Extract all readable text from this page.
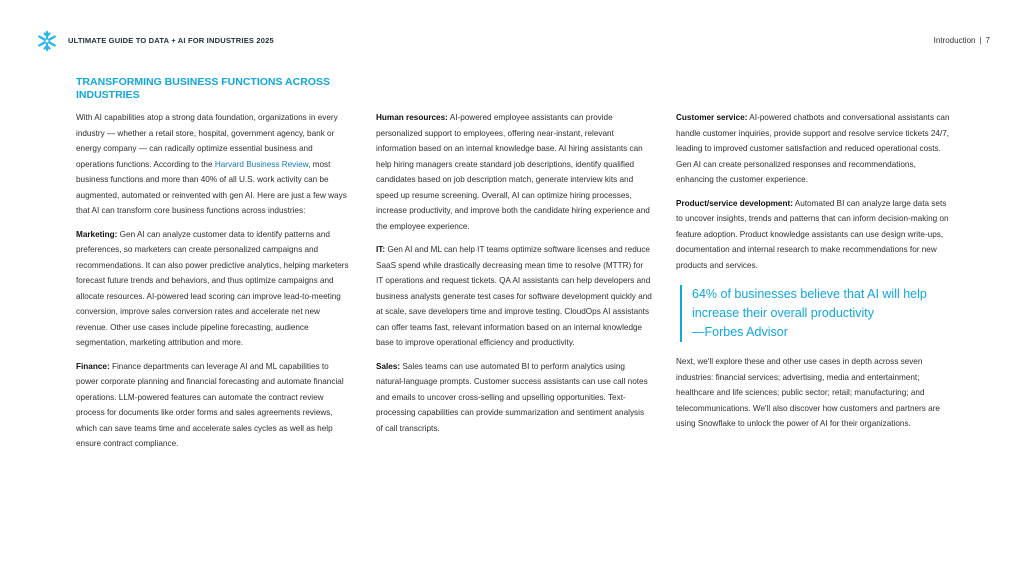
ULTIMATE GUIDE TO DATA + AI FOR INDUSTRIES 2025	Introduction | 7
TRANSFORMING BUSINESS FUNCTIONS ACROSS INDUSTRIES

With AI capabilities atop a strong data foundation, organizations in every industry — whether a retail store, hospital, government agency, bank or energy company — can radically optimize essential business and operations functions. According to the Harvard Business Review, most business functions and more than 40% of all U.S. work activity can be augmented, automated or reinvented with gen AI. Here are just a few ways that AI can transform core business functions across industries:

Marketing: Gen AI can analyze customer data to identify patterns and preferences, so marketers can create personalized campaigns and recommendations. It can also power predictive analytics, helping marketers forecast future trends and behaviors, and thus optimize campaigns and allocate resources. AI-powered lead scoring can improve lead-to-meeting conversion, improve sales conversion rates and accelerate net new revenue. Other use cases include pipeline forecasting, audience segmentation, marketing attribution and more.

Finance: Finance departments can leverage AI and ML capabilities to power corporate planning and financial forecasting and automate financial operations. LLM-powered features can automate the contract review process for documents like order forms and sales agreements reviews, which can save teams time and accelerate sales cycles as well as help ensure contract compliance.

Human resources: AI-powered employee assistants can provide personalized support to employees, offering near-instant, relevant information based on an internal knowledge base. AI hiring assistants can help hiring managers create standard job descriptions, identify qualified candidates based on job description match, generate interview kits and speed up resume screening. Overall, AI can optimize hiring processes, increase productivity, and improve both the candidate hiring experience and the employee experience.

IT: Gen AI and ML can help IT teams optimize software licenses and reduce SaaS spend while drastically decreasing mean time to resolve (MTTR) for IT operations and request tickets. QA AI assistants can help developers and business analysts generate test cases for software development quickly and at scale, save developers time and improve testing. CloudOps AI assistants can offer teams fast, relevant information based on an internal knowledge base to improve operational efficiency and productivity.

Sales: Sales teams can use automated BI to perform analytics using natural-language prompts. Customer success assistants can use call notes and emails to uncover cross-selling and upselling opportunities. Text-processing capabilities can provide summarization and sentiment analysis of call transcripts.

Customer service: AI-powered chatbots and conversational assistants can handle customer inquiries, provide support and resolve service tickets 24/7, leading to improved customer satisfaction and reduced operational costs. Gen AI can create personalized responses and recommendations, enhancing the customer experience.

Product/service development: Automated BI can analyze large data sets to uncover insights, trends and patterns that can inform decision-making on feature adoption. Product knowledge assistants can use design write-ups, documentation and internal research to make recommendations for new products and services.

64% of businesses believe that AI will help increase their overall productivity
—Forbes Advisor

Next, we'll explore these and other use cases in depth across seven industries: financial services; advertising, media and entertainment; healthcare and life sciences; public sector; retail; manufacturing; and telecommunications. We'll also discover how customers and partners are using Snowflake to unlock the power of AI for their organizations.
